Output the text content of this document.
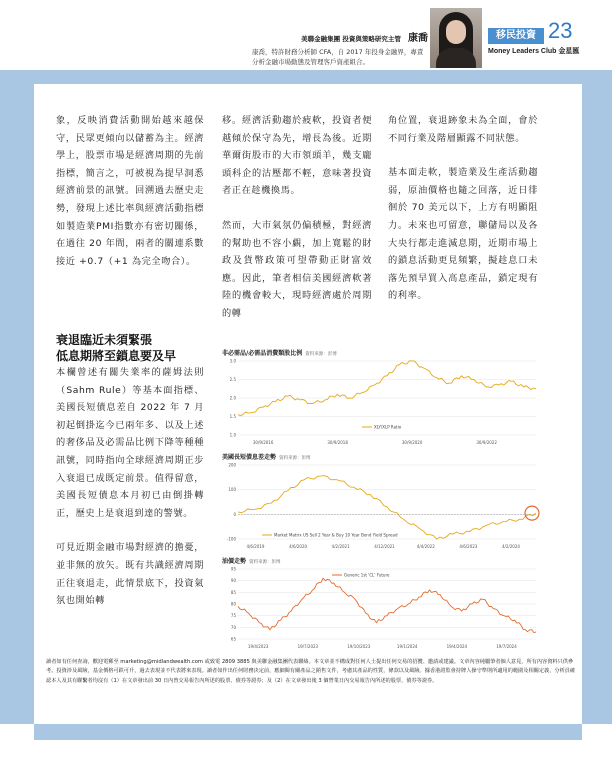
美聯金融集團 投資與策略研究主管 康喬
康喬，特許財務分析師 CFA，自 2017 年投身金融界，專責分析金融市場動態及管理客戶資產組合。
移民投資 23
Money Leaders Club 金星匯

象，反映消費活動開始越來越保守，民眾更傾向以儲蓄為主。經濟學上，股票市場是經濟周期的先前指標，簡言之，可被視為提早洞悉經濟前景的訊號。回溯過去歷史走勢，發現上述比率與經濟活動指標如製造業PMI指數亦有密切關係，在過往 20 年間，兩者的關連系數接近 +0.7（+1 為完全吻合）。

衰退臨近未須緊張
低息期將至鎖息要及早

本欄曾述有關失業率的薩姆法則（Sahm Rule）等基本面指標、美國長短債息差自 2022 年 7 月初起倒掛迄今已兩年多、以及上述的奢侈品及必需品比例下降等種種訊號，同時指向全球經濟周期正步入衰退已成既定前景。值得留意，美國長短債息本月初已由倒掛轉正，歷史上是衰退到達的警號。

可見近期金融市場對經濟的擔憂，並非無的放矢。既有共識經濟周期正往衰退走，此情景底下，投資氣氛也開始轉

移。經濟活動趨於疲軟，投資者便越傾於保守為先，增長為後。近期華爾街股市的大市領頭羊，幾支龐頭科企的沽壓都不輕，意味著投資者正在趁機換馬。

然而，大市氣氛仍偏積極，對經濟的幫助也不容小覷，加上寬鬆的財政及貨幣政策可望帶動正財富效應。因此，筆者相信美國經濟軟著陸的機會較大，現時經濟處於周期的轉

角位置，衰退跡象未為全面，會於不同行業及階層顯露不同狀態。

基本面走軟，製造業及生產活動趨弱，原油價格也隨之回落，近日徘徊於 70 美元以下，上方有明顯阻力。未來也可留意，聯儲局以及各大央行都走進減息期，近期市場上的鎖息活動更見頻繁，擬趁息口未落先預早買入高息產品，鎖定現有的利率。

非必需品/必需品消費類股比例 資料來源：彭博
3.0
2.5
2.0
1.5
1.0
30/9/2016	30/9/2018	30/9/2020	30/9/2022
XLY/XLP Ratio
美國長短債息差走勢 資料來源：彭博
200
100
0
-100
4/6/2019	4/6/2020	4/2/2021	4/12/2021	4/4/2022	4/6/2023	4/2/2024
Market Matrix US Sell 2 Year & Buy 10 Year Bond Yield Spread
油價走勢 資料來源：彭博
95
90
85
80
75
70
65
19/4/2023	19/7/2023	19/10/2023	19/1/2024	19/4/2024	19/7/2024
Generic 1st 'CL' Future
讀者如有任何查詢，歡迎電郵至 marketing@midlandwealth.com 或致電 2809 3885 與美聯金融集團代表聯絡。本文章並不構成對任何人士提出任何交易的招攬、邀請或建議。文章內容純屬筆者個人意見，所有內容資料只供參考。投資涉及風險，基金價格可跌可升，過去表現並不代表將來表現。讀者如作出任何財務決定前，應細閱有關產品之銷售文件，考慮其產品的性質，條款以及風險。據香港證監會持牌人操守準則所適用的範圍及相關定義，分析員確認本人及其有聯繫者均沒有（1）在文章發出前 30 日內曾交易報告內所述的股票、債券等證券；及（2）在文章發出後 3 個營業日內交易報告內所述的股票、債券等證券。
